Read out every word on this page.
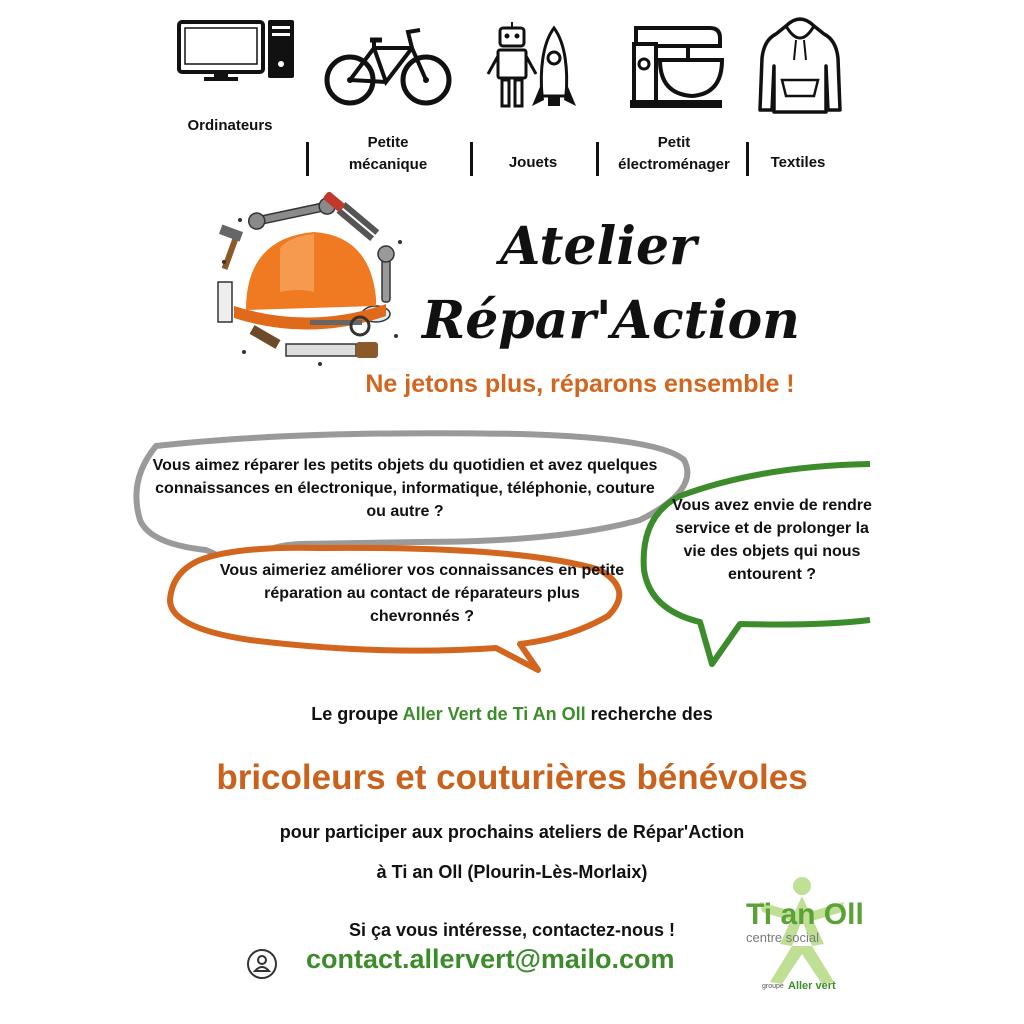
Ordinateurs
Petite
mécanique	Jouets
Petit
électroménager	Textiles
Atelier
Répar'Action
Ne jetons plus, réparons ensemble !
Vous aimez réparer les petits objets du quotidien et avez quelques connaissances en électronique, informatique, téléphonie, couture ou autre ?
Vous aimeriez améliorer vos connaissances en petite réparation au contact de réparateurs plus chevronnés ?
Vous avez envie de rendre service et de prolonger la vie des objets qui nous entourent ?
Le groupe Aller Vert de Ti An Oll recherche des
bricoleurs et couturières bénévoles
pour participer aux prochains ateliers de Répar'Action
à Ti an Oll (Plourin-Lès-Morlaix)
Si ça vous intéresse, contactez-nous !
contact.allervert@mailo.com
Ti an Oll
centre social
groupe Aller vert
